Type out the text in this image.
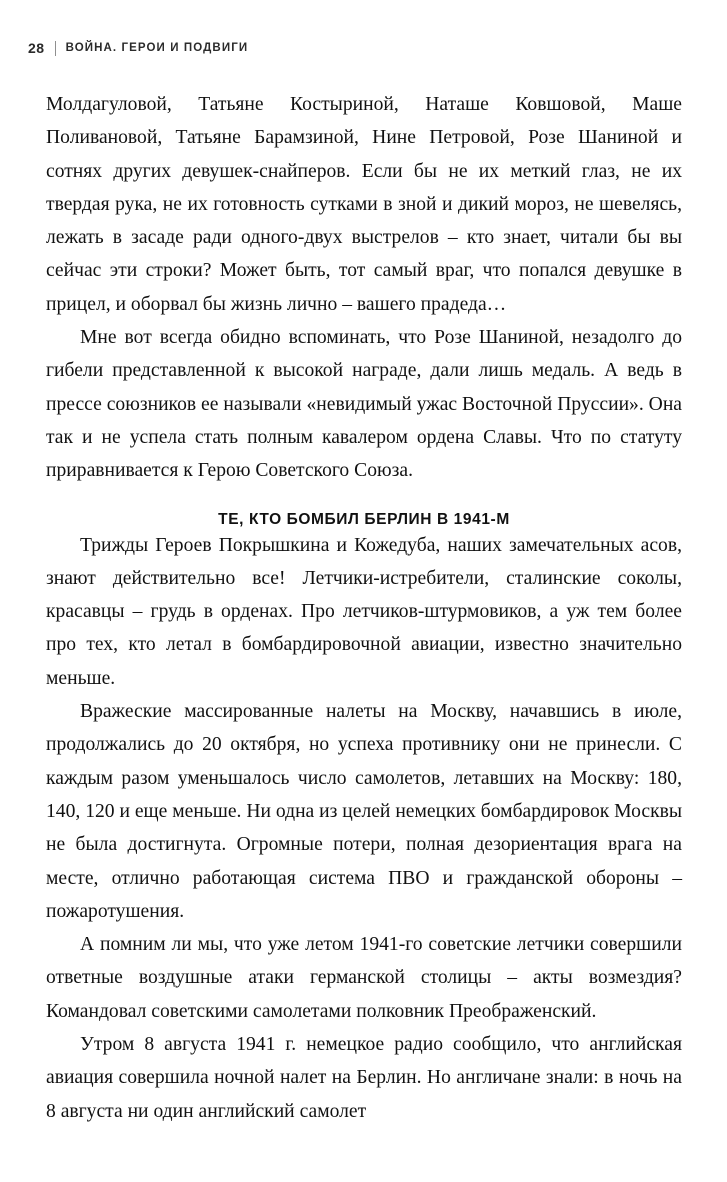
28 ВОЙНА. ГЕРОИ И ПОДВИГИ

Молдагуловой, Татьяне Костыриной, Наташе Ковшовой, Маше Поливановой, Татьяне Барамзиной, Нине Петровой, Розе Шаниной и сотнях других девушек-снайперов. Если бы не их меткий глаз, не их твердая рука, не их готовность сутками в зной и дикий мороз, не шевелясь, лежать в засаде ради одного-двух выстрелов – кто знает, читали бы вы сейчас эти строки? Может быть, тот самый враг, что попался девушке в прицел, и оборвал бы жизнь лично – вашего прадеда…

Мне вот всегда обидно вспоминать, что Розе Шаниной, незадолго до гибели представленной к высокой награде, дали лишь медаль. А ведь в прессе союзников ее называли «невидимый ужас Восточной Пруссии». Она так и не успела стать полным кавалером ордена Славы. Что по статуту приравнивается к Герою Советского Союза.

ТЕ, КТО БОМБИЛ БЕРЛИН В 1941-М

Трижды Героев Покрышкина и Кожедуба, наших замечательных асов, знают действительно все! Летчики-истребители, сталинские соколы, красавцы – грудь в орденах. Про летчиков-штурмовиков, а уж тем более про тех, кто летал в бомбардировочной авиации, известно значительно меньше.

Вражеские массированные налеты на Москву, начавшись в июле, продолжались до 20 октября, но успеха противнику они не принесли. С каждым разом уменьшалось число самолетов, летавших на Москву: 180, 140, 120 и еще меньше. Ни одна из целей немецких бомбардировок Москвы не была достигнута. Огромные потери, полная дезориентация врага на месте, отлично работающая система ПВО и гражданской обороны – пожаротушения.

А помним ли мы, что уже летом 1941-го советские летчики совершили ответные воздушные атаки германской столицы – акты возмездия? Командовал советскими самолетами полковник Преображенский.

Утром 8 августа 1941 г. немецкое радио сообщило, что английская авиация совершила ночной налет на Берлин. Но англичане знали: в ночь на 8 августа ни один английский самолет
